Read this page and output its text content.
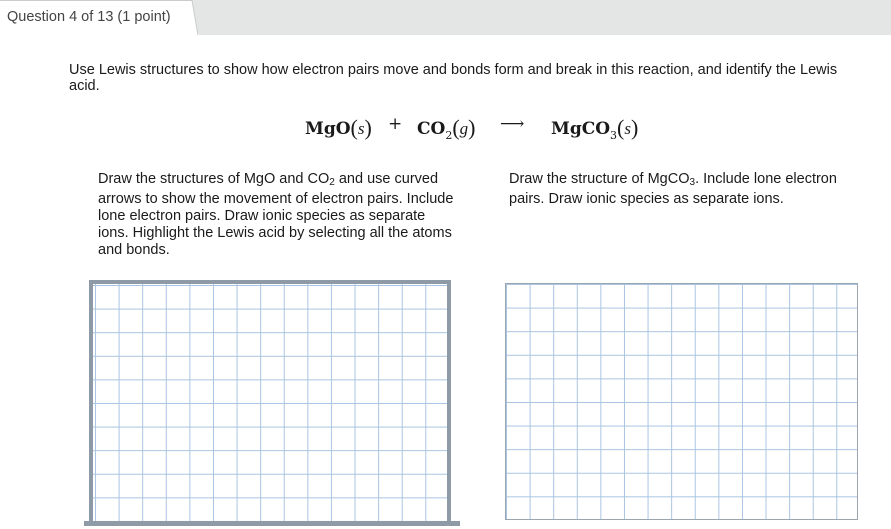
Question 4 of 13 (1 point)
Use Lewis structures to show how electron pairs move and bonds form and break in this reaction, and identify the Lewis acid.
$MgO(s) + CO_2(g)$ ⟶ MgCO$_3$(s)
Draw the structures of MgO and $CO_2$ and use curved arrows to show the movement of electron pairs. Include lone electron pairs. Draw ionic species as separate ions. Highlight the Lewis acid by selecting all the atoms and bonds.
Draw the structure of MgCO$_3$. Include lone electron pairs. Draw ionic species as separate ions.
